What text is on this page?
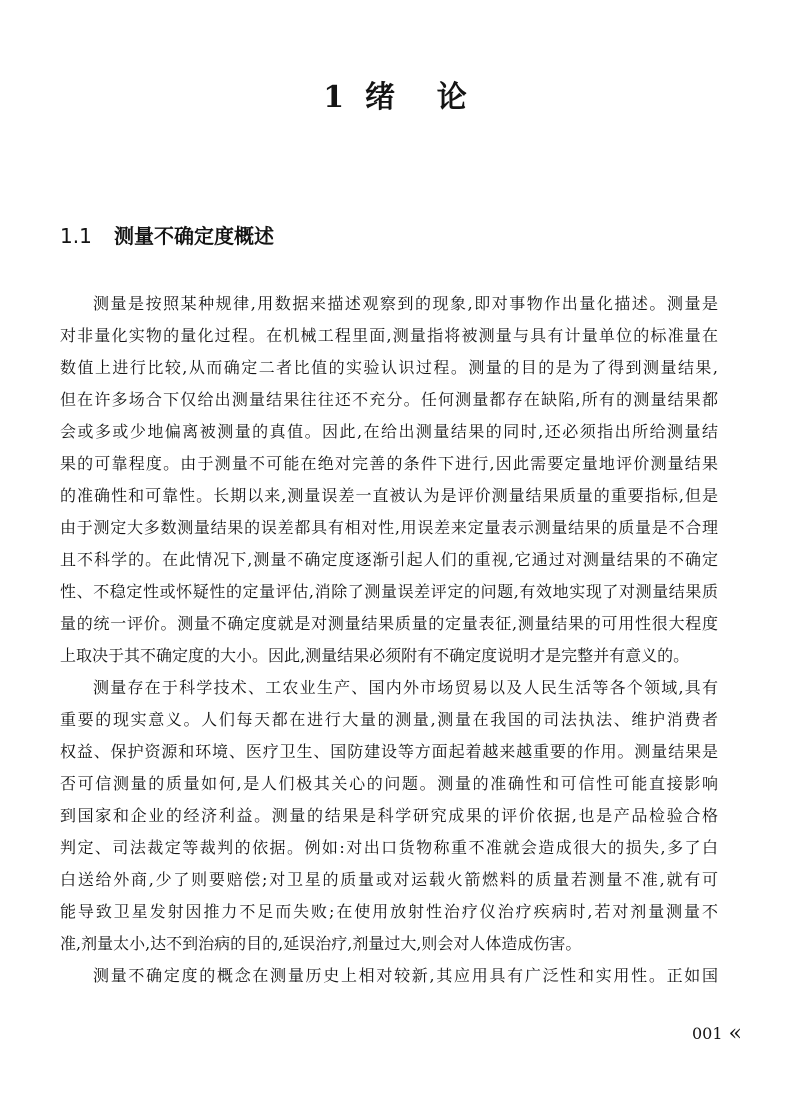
1  绪    论
1.1 测量不确定度概述
测量是按照某种规律,用数据来描述观察到的现象,即对事物作出量化描述。测量是
对非量化实物的量化过程。在机械工程里面,测量指将被测量与具有计量单位的标准量在
数值上进行比较,从而确定二者比值的实验认识过程。测量的目的是为了得到测量结果,
但在许多场合下仅给出测量结果往往还不充分。任何测量都存在缺陷,所有的测量结果都
会或多或少地偏离被测量的真值。因此,在给出测量结果的同时,还必须指出所给测量结
果的可靠程度。由于测量不可能在绝对完善的条件下进行,因此需要定量地评价测量结果
的准确性和可靠性。长期以来,测量误差一直被认为是评价测量结果质量的重要指标,但是
由于测定大多数测量结果的误差都具有相对性,用误差来定量表示测量结果的质量是不合理
且不科学的。在此情况下,测量不确定度逐渐引起人们的重视,它通过对测量结果的不确定
性、不稳定性或怀疑性的定量评估,消除了测量误差评定的问题,有效地实现了对测量结果质
量的统一评价。测量不确定度就是对测量结果质量的定量表征,测量结果的可用性很大程度
上取决于其不确定度的大小。因此,测量结果必须附有不确定度说明才是完整并有意义的。
测量存在于科学技术、工农业生产、国内外市场贸易以及人民生活等各个领域,具有
重要的现实意义。人们每天都在进行大量的测量,测量在我国的司法执法、维护消费者
权益、保护资源和环境、医疗卫生、国防建设等方面起着越来越重要的作用。测量结果是
否可信测量的质量如何,是人们极其关心的问题。测量的准确性和可信性可能直接影响
到国家和企业的经济利益。测量的结果是科学研究成果的评价依据,也是产品检验合格
判定、司法裁定等裁判的依据。例如:对出口货物称重不准就会造成很大的损失,多了白
白送给外商,少了则要赔偿;对卫星的质量或对运载火箭燃料的质量若测量不准,就有可
能导致卫星发射因推力不足而失败;在使用放射性治疗仪治疗疾病时,若对剂量测量不
准,剂量太小,达不到治病的目的,延误治疗,剂量过大,则会对人体造成伤害。
测量不确定度的概念在测量历史上相对较新,其应用具有广泛性和实用性。正如国
001 «
